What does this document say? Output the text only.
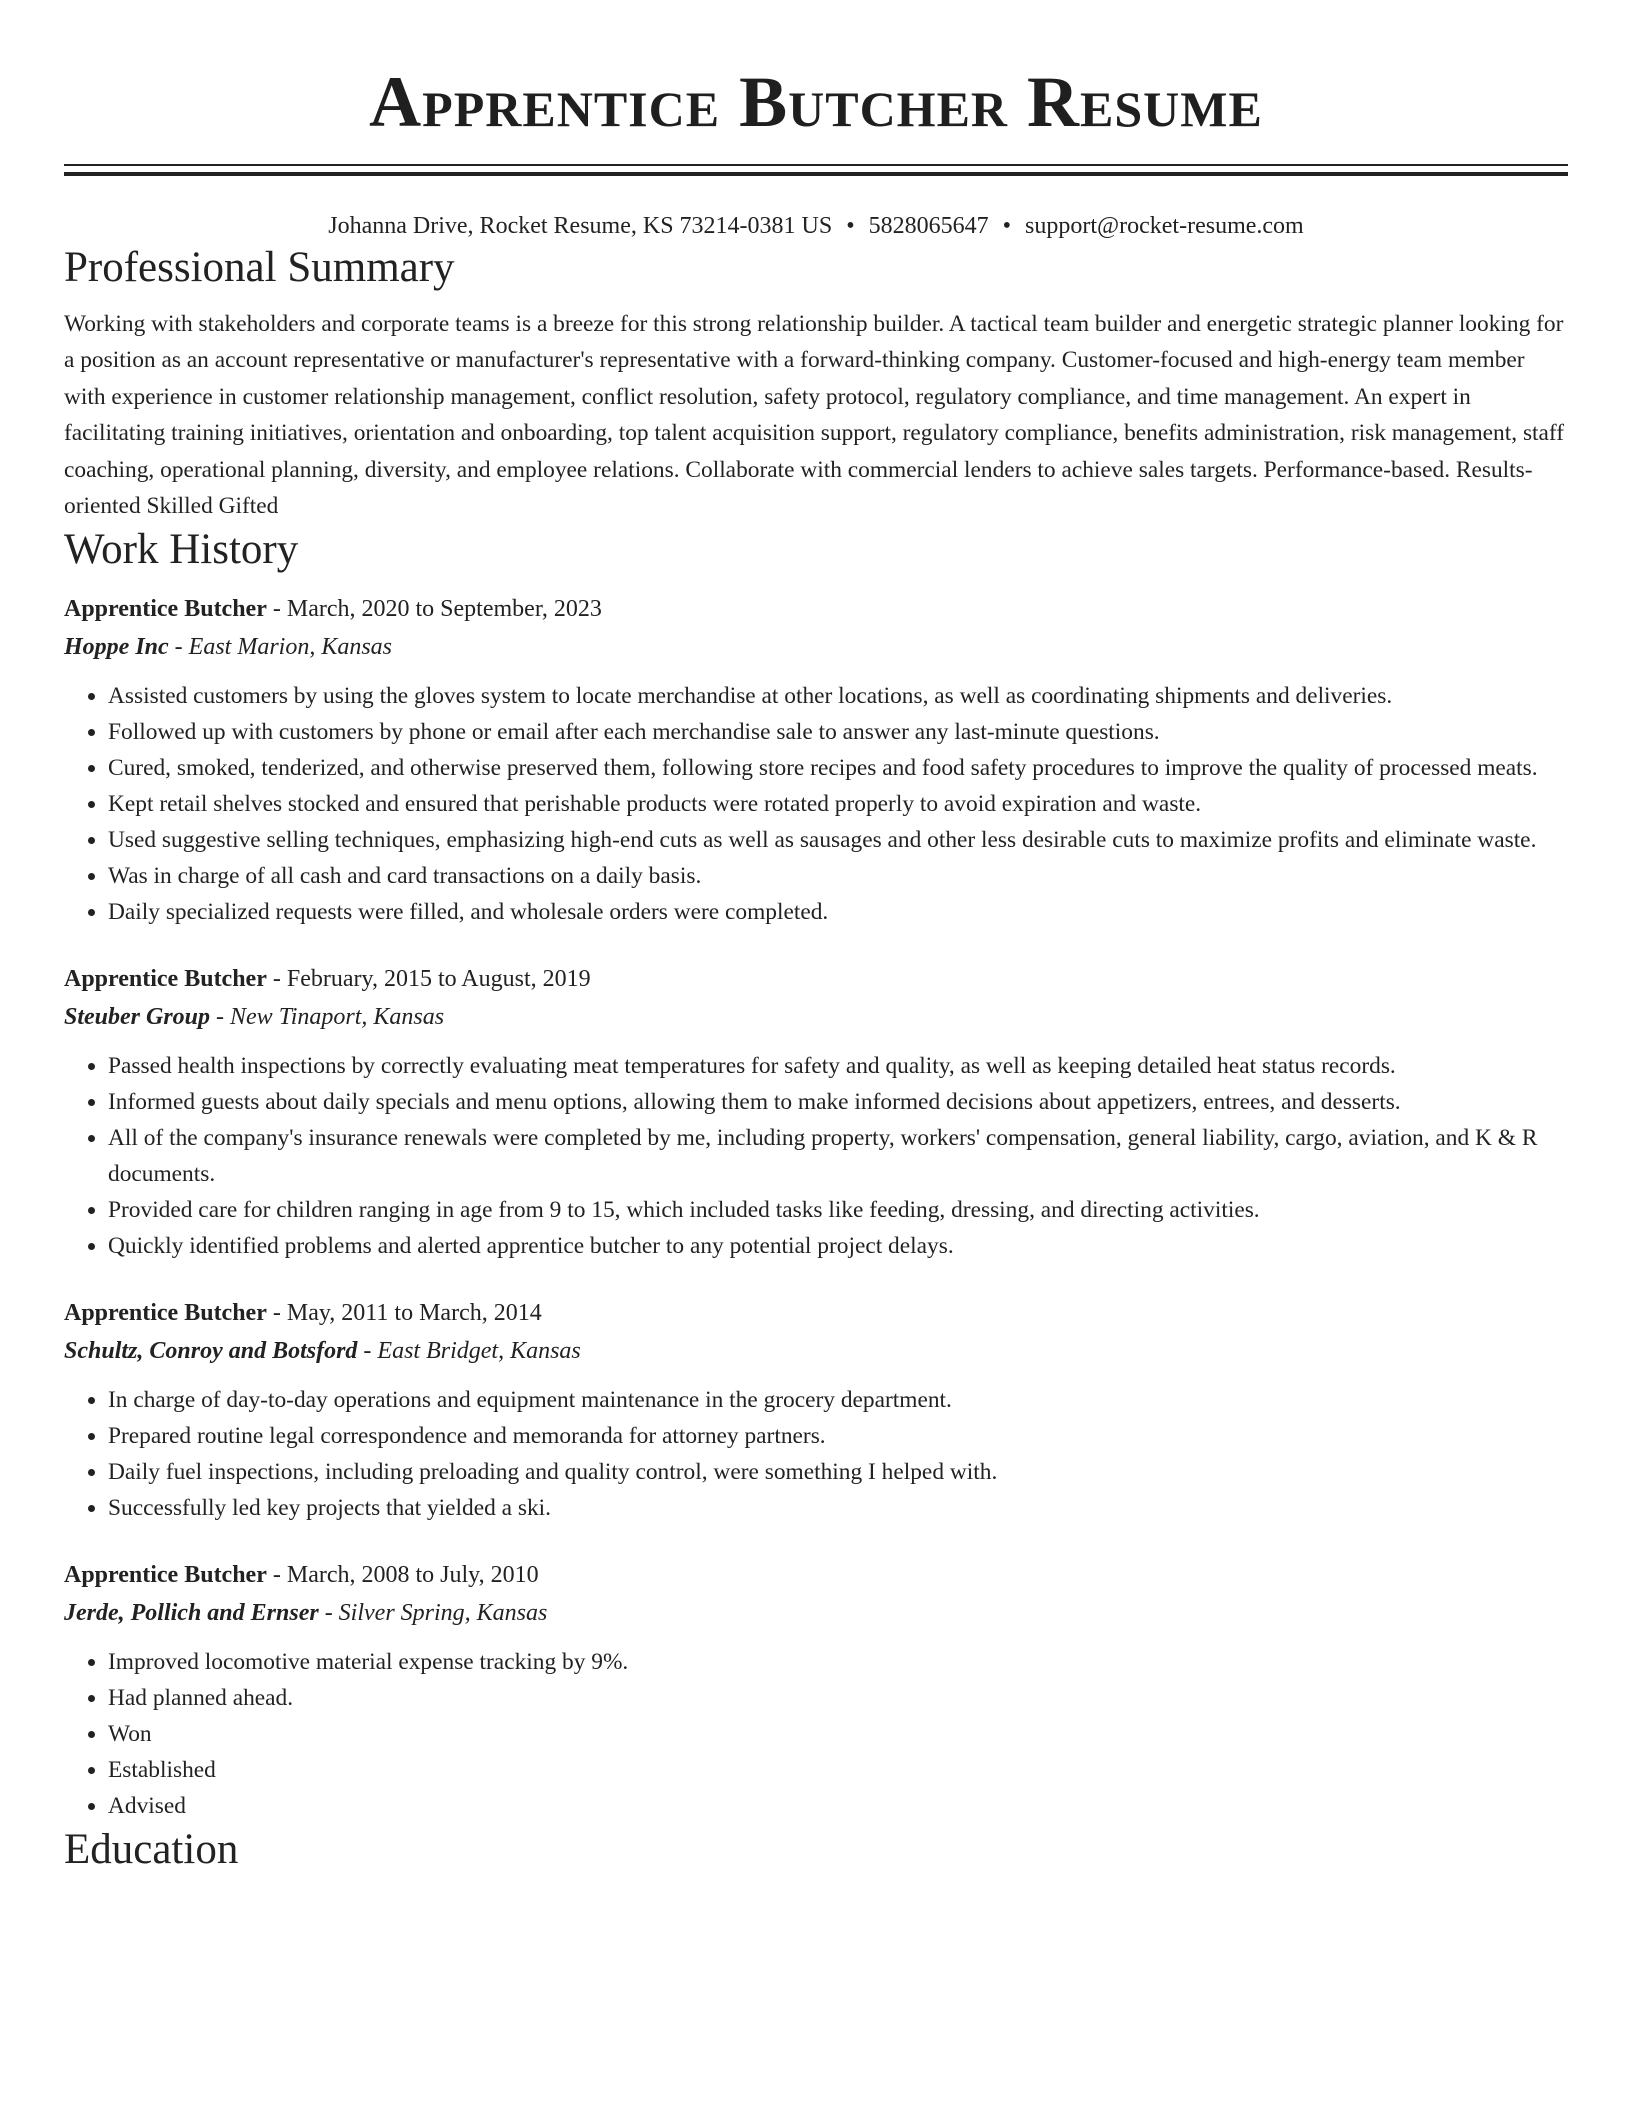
Apprentice Butcher Resume
Johanna Drive, Rocket Resume, KS 73214-0381 US • 5828065647 • support@rocket-resume.com
Professional Summary

Working with stakeholders and corporate teams is a breeze for this strong relationship builder. A tactical team builder and energetic strategic planner looking for a position as an account representative or manufacturer's representative with a forward-thinking company. Customer-focused and high-energy team member with experience in customer relationship management, conflict resolution, safety protocol, regulatory compliance, and time management. An expert in facilitating training initiatives, orientation and onboarding, top talent acquisition support, regulatory compliance, benefits administration, risk management, staff coaching, operational planning, diversity, and employee relations. Collaborate with commercial lenders to achieve sales targets. Performance-based. Results-oriented Skilled Gifted

Work History
Apprentice Butcher - March, 2020 to September, 2023
Hoppe Inc - East Marion, Kansas
• Assisted customers by using the gloves system to locate merchandise at other locations, as well as coordinating shipments and deliveries.
• Followed up with customers by phone or email after each merchandise sale to answer any last-minute questions.
• Cured, smoked, tenderized, and otherwise preserved them, following store recipes and food safety procedures to improve the quality of processed meats.
• Kept retail shelves stocked and ensured that perishable products were rotated properly to avoid expiration and waste.
• Used suggestive selling techniques, emphasizing high-end cuts as well as sausages and other less desirable cuts to maximize profits and eliminate waste.
• Was in charge of all cash and card transactions on a daily basis.
• Daily specialized requests were filled, and wholesale orders were completed.
Apprentice Butcher - February, 2015 to August, 2019
Steuber Group - New Tinaport, Kansas
• Passed health inspections by correctly evaluating meat temperatures for safety and quality, as well as keeping detailed heat status records.
• Informed guests about daily specials and menu options, allowing them to make informed decisions about appetizers, entrees, and desserts.
• All of the company's insurance renewals were completed by me, including property, workers' compensation, general liability, cargo, aviation, and K & R documents.
• Provided care for children ranging in age from 9 to 15, which included tasks like feeding, dressing, and directing activities.
• Quickly identified problems and alerted apprentice butcher to any potential project delays.
Apprentice Butcher - May, 2011 to March, 2014
Schultz, Conroy and Botsford - East Bridget, Kansas
• In charge of day-to-day operations and equipment maintenance in the grocery department.
• Prepared routine legal correspondence and memoranda for attorney partners.
• Daily fuel inspections, including preloading and quality control, were something I helped with.
• Successfully led key projects that yielded a ski.
Apprentice Butcher - March, 2008 to July, 2010
Jerde, Pollich and Ernser - Silver Spring, Kansas
• Improved locomotive material expense tracking by 9%.
• Had planned ahead.
• Won
• Established
• Advised
Education
